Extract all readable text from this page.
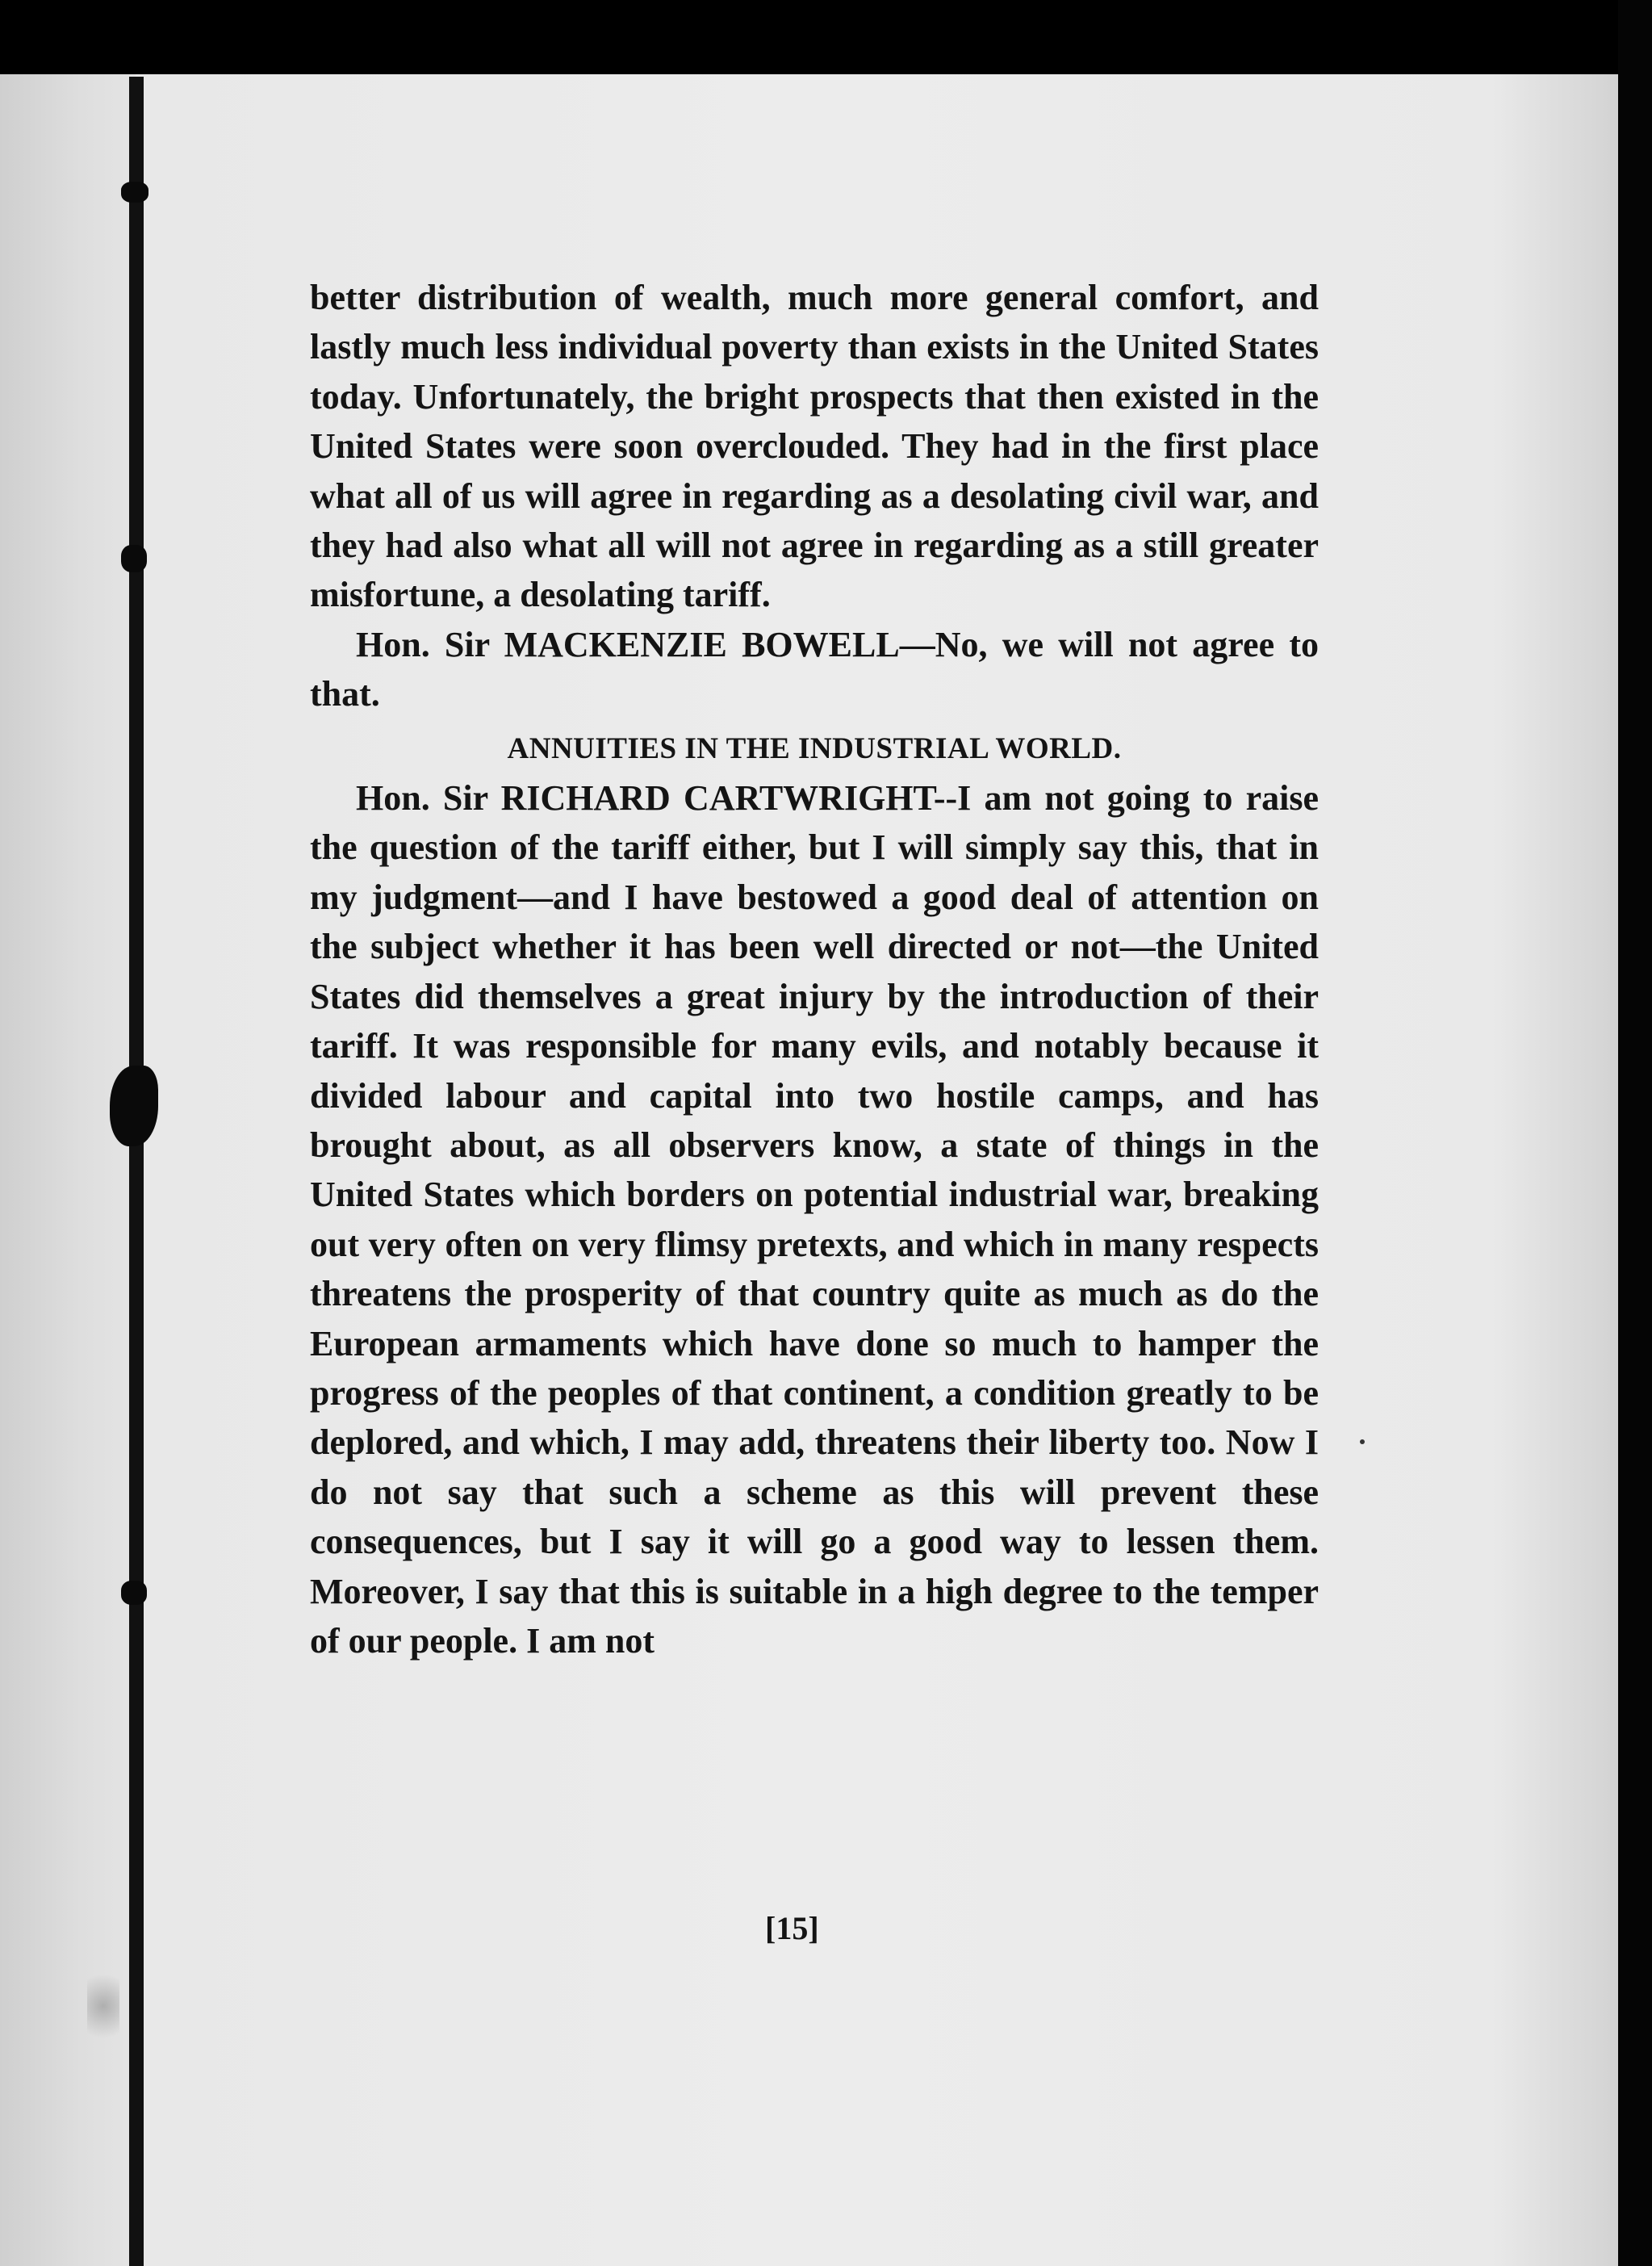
better distribution of wealth, much more general comfort, and lastly much less individual poverty than exists in the United States today. Unfortunately, the bright prospects that then existed in the United States were soon overclouded. They had in the first place what all of us will agree in regarding as a desolating civil war, and they had also what all will not agree in regarding as a still greater misfortune, a desolating tariff.

Hon. Sir MACKENZIE BOWELL—No, we will not agree to that.

ANNUITIES IN THE INDUSTRIAL WORLD.

Hon. Sir RICHARD CARTWRIGHT--I am not going to raise the question of the tariff either, but I will simply say this, that in my judgment—and I have bestowed a good deal of attention on the subject whether it has been well directed or not—the United States did themselves a great injury by the introduction of their tariff. It was responsible for many evils, and notably because it divided labour and capital into two hostile camps, and has brought about, as all observers know, a state of things in the United States which borders on potential industrial war, breaking out very often on very flimsy pretexts, and which in many respects threatens the prosperity of that country quite as much as do the European armaments which have done so much to hamper the progress of the peoples of that continent, a condition greatly to be deplored, and which, I may add, threatens their liberty too. Now I do not say that such a scheme as this will prevent these consequences, but I say it will go a good way to lessen them. Moreover, I say that this is suitable in a high degree to the temper of our people. I am not

[15]
